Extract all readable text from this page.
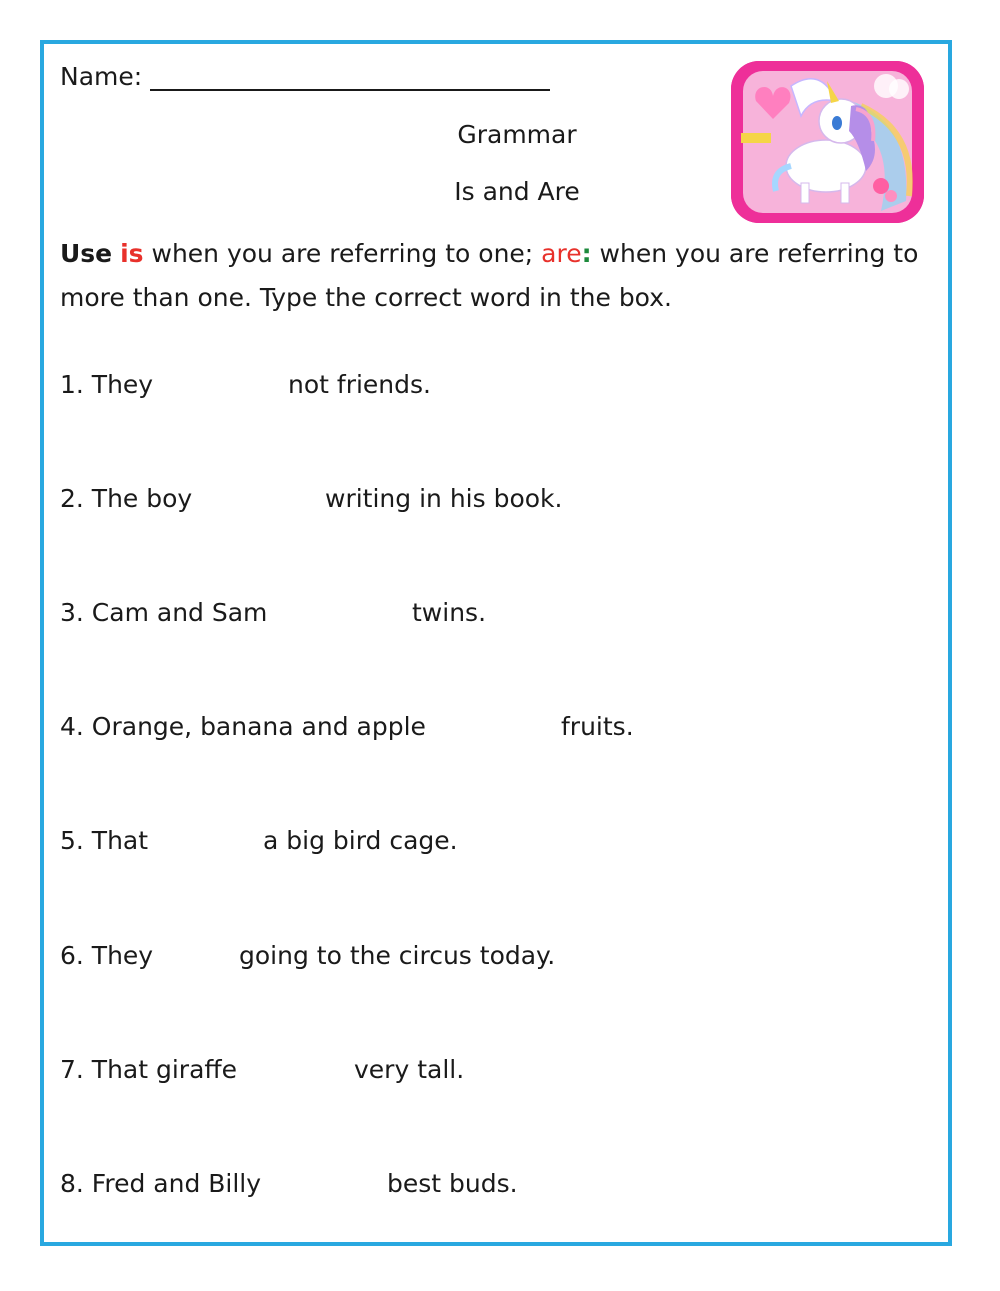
Name:
Grammar
Is and Are
Use is when you are referring to one; are: when you are referring to more than one. Type the correct word in the box.
1. They	not friends.
2. The boy	writing in his book.
3. Cam and Sam	twins.
4. Orange, banana and apple	fruits.
5. That	a big bird cage.
6. They	going to the circus today.
7. That giraffe	very tall.
8. Fred and Billy	best buds.
